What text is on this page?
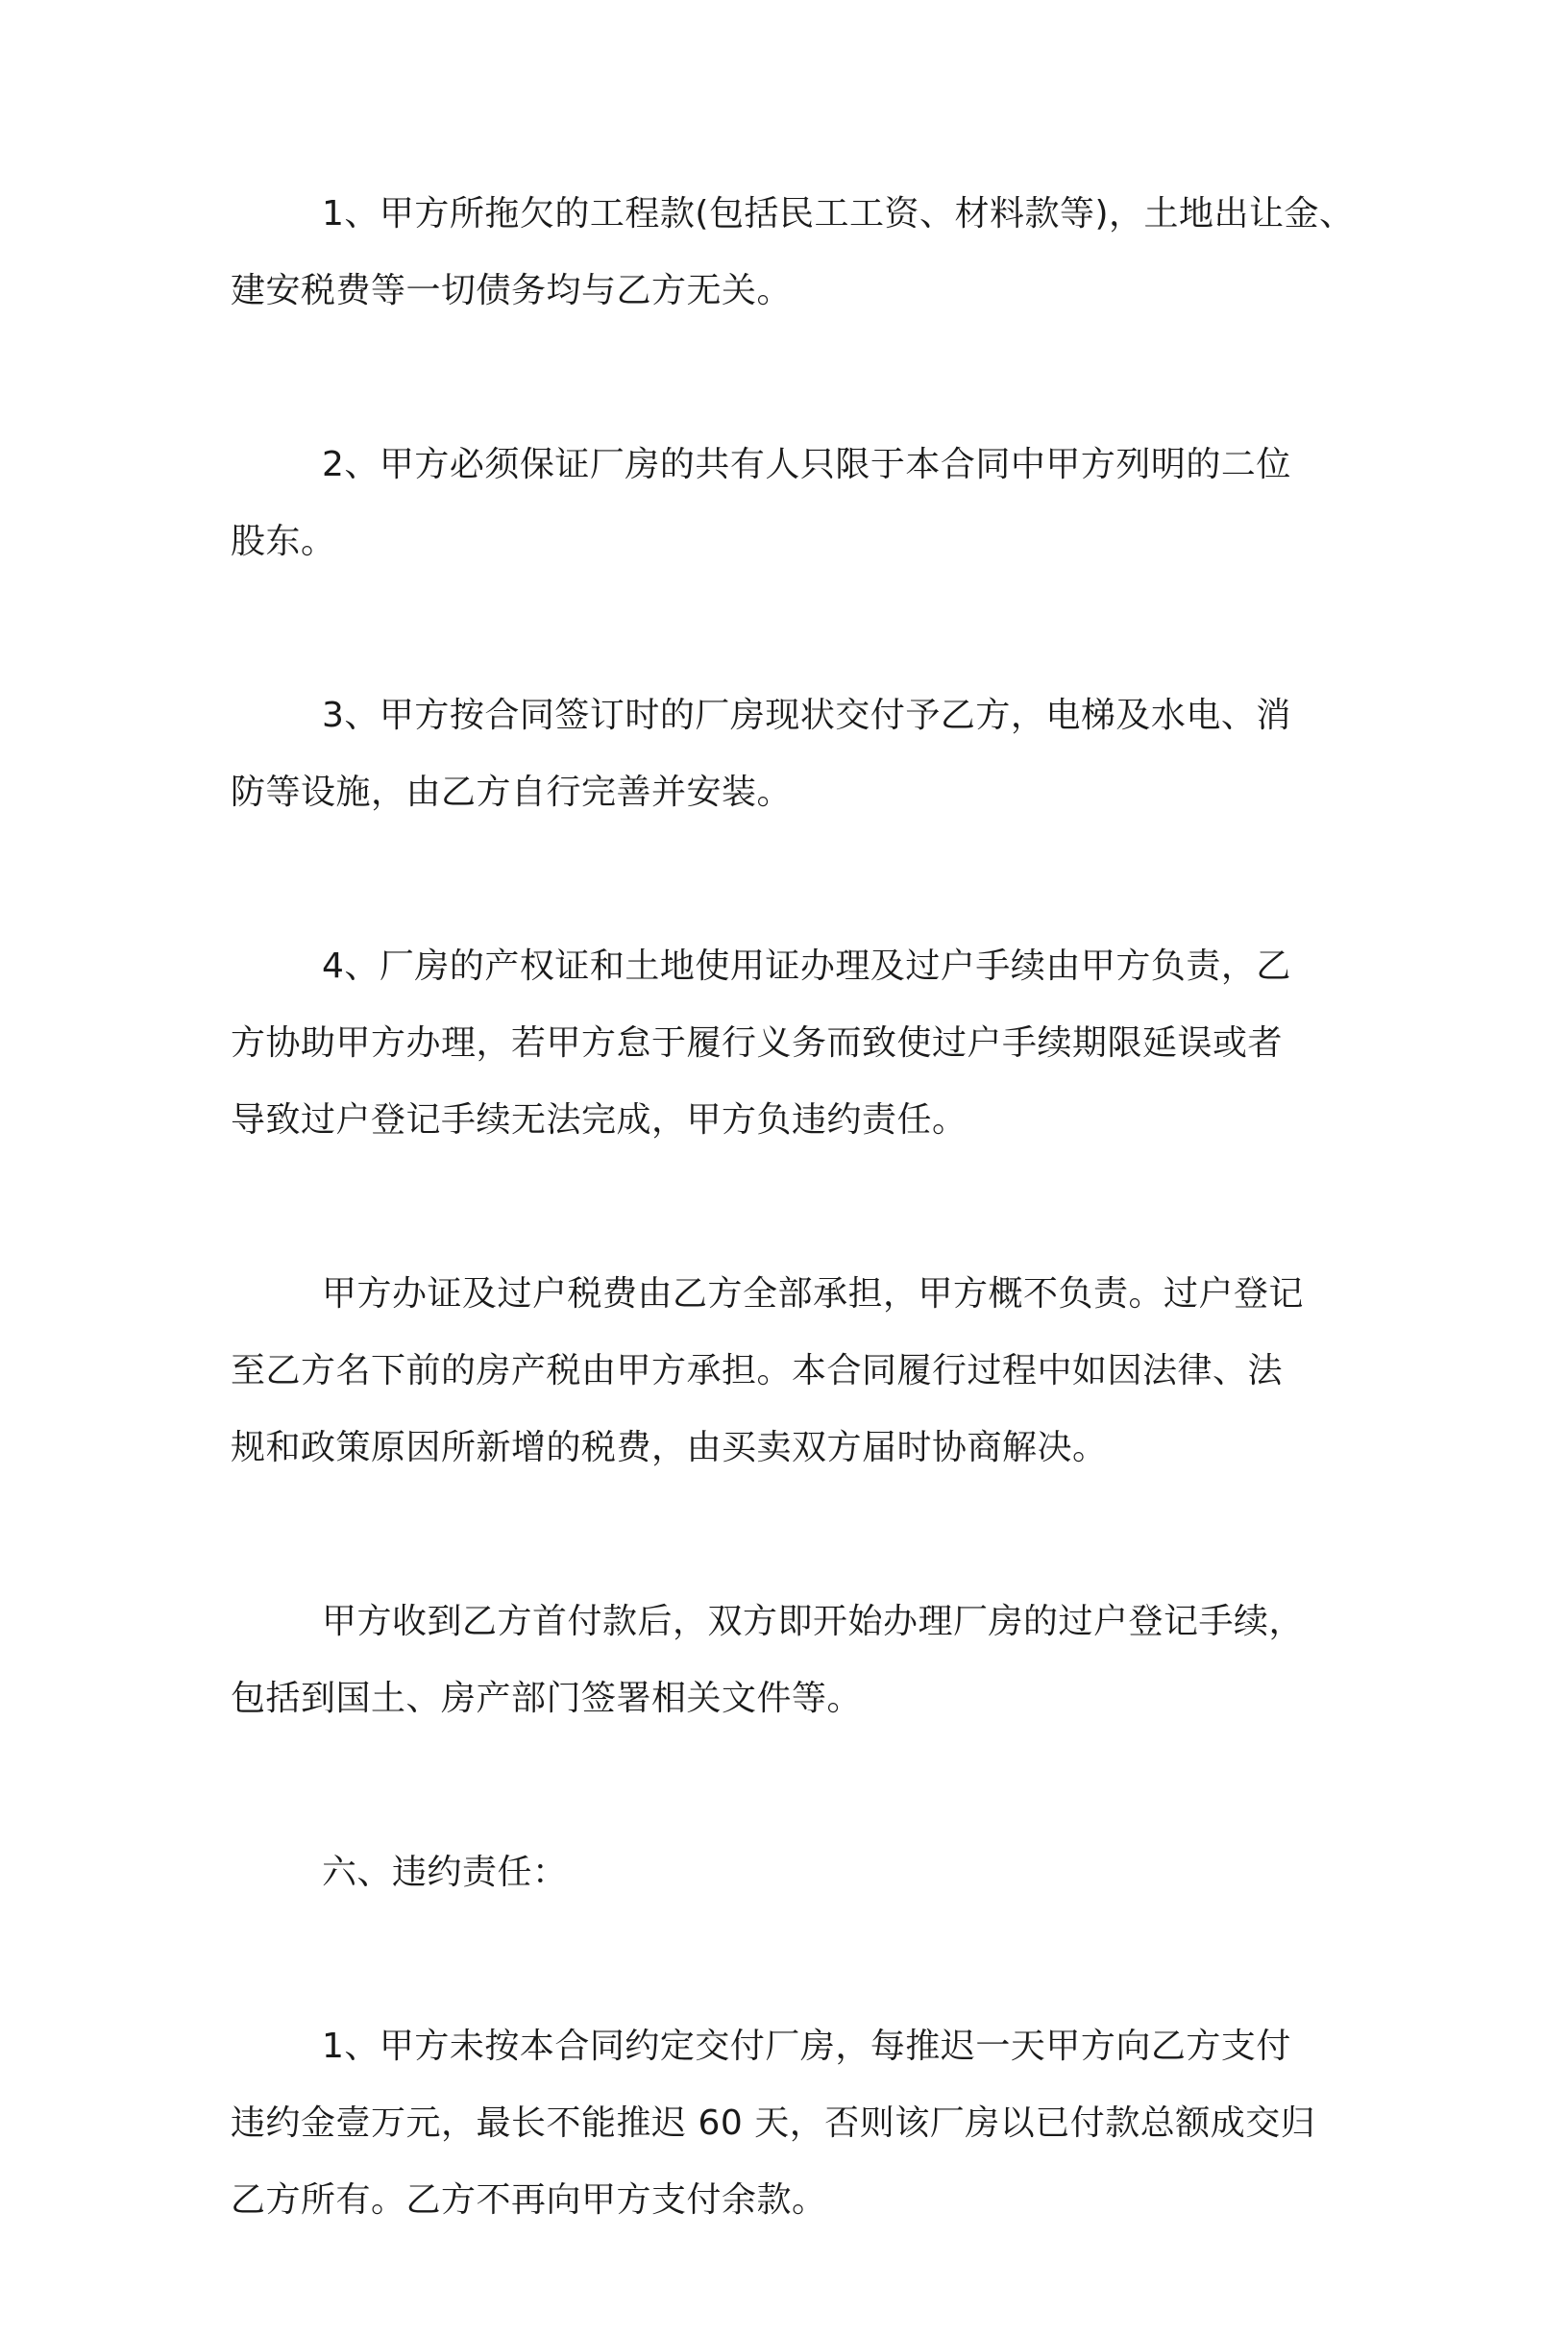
1、甲方所拖欠的工程款(包括民工工资、材料款等)，土地出让金、
建安税费等一切债务均与乙方无关。

2、甲方必须保证厂房的共有人只限于本合同中甲方列明的二位
股东。

3、甲方按合同签订时的厂房现状交付予乙方，电梯及水电、消
防等设施，由乙方自行完善并安装。

4、厂房的产权证和土地使用证办理及过户手续由甲方负责，乙
方协助甲方办理，若甲方怠于履行义务而致使过户手续期限延误或者
导致过户登记手续无法完成，甲方负违约责任。

甲方办证及过户税费由乙方全部承担，甲方概不负责。过户登记
至乙方名下前的房产税由甲方承担。本合同履行过程中如因法律、法
规和政策原因所新增的税费，由买卖双方届时协商解决。

甲方收到乙方首付款后，双方即开始办理厂房的过户登记手续，
包括到国土、房产部门签署相关文件等。

六、违约责任：

1、甲方未按本合同约定交付厂房，每推迟一天甲方向乙方支付
违约金壹万元，最长不能推迟 60 天，否则该厂房以已付款总额成交归
乙方所有。乙方不再向甲方支付余款。
